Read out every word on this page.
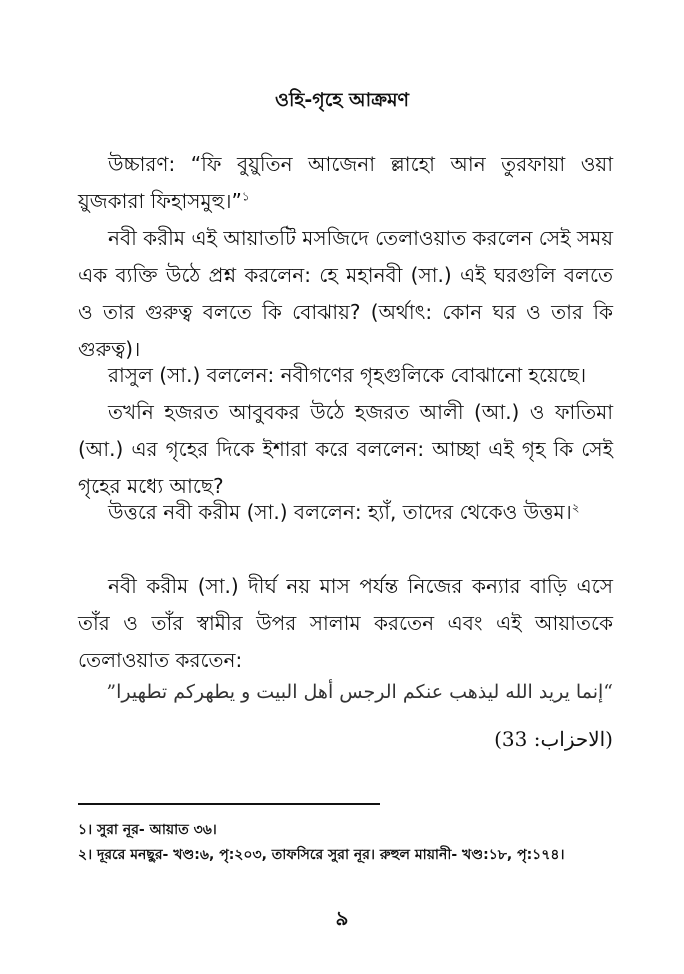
ওহি-গৃহে আক্রমণ
উচ্চারণ: “ফি বুয়ুতিন আজেনা ল্লাহো আন তুরফায়া ওয়া য়ুজকারা ফিহাসমুহু।”$^১$
নবী করীম এই আয়াতটি মসজিদে তেলাওয়াত করলেন সেই সময় এক ব্যক্তি উঠে প্রশ্ন করলেন: হে মহানবী (সা.) এই ঘরগুলি বলতে ও তার গুরুত্ব বলতে কি বোঝায়? (অর্থাৎ: কোন ঘর ও তার কি গুরুত্ব)।
রাসুল (সা.) বললেন: নবীগণের গৃহগুলিকে বোঝানো হয়েছে।
তখনি হজরত আবুবকর উঠে হজরত আলী (আ.) ও ফাতিমা (আ.) এর গৃহের দিকে ইশারা করে বললেন: আচ্ছা এই গৃহ কি সেই গৃহের মধ্যে আছে?
উত্তরে নবী করীম (সা.) বললেন: হ্যাঁ, তাদের থেকেও উত্তম।$^২$
নবী করীম (সা.) দীর্ঘ নয় মাস পর্যন্ত নিজের কন্যার বাড়ি এসে তাঁর ও তাঁর স্বামীর উপর সালাম করতেন এবং এই আয়াতকে তেলাওয়াত করতেন:
“إنما يريد الله ليذهب عنكم الرجس أهل البيت و يطهركم تطهيرا”
(الاحزاب: 33)
১। সুরা নূর- আয়াত ৩৬।
২। দূররে মনছুর- খণ্ড:৬, পৃ:২০৩, তাফসিরে সুরা নূর। রুহুল মায়ানী- খণ্ড:১৮, পৃ:১৭৪।
৯
